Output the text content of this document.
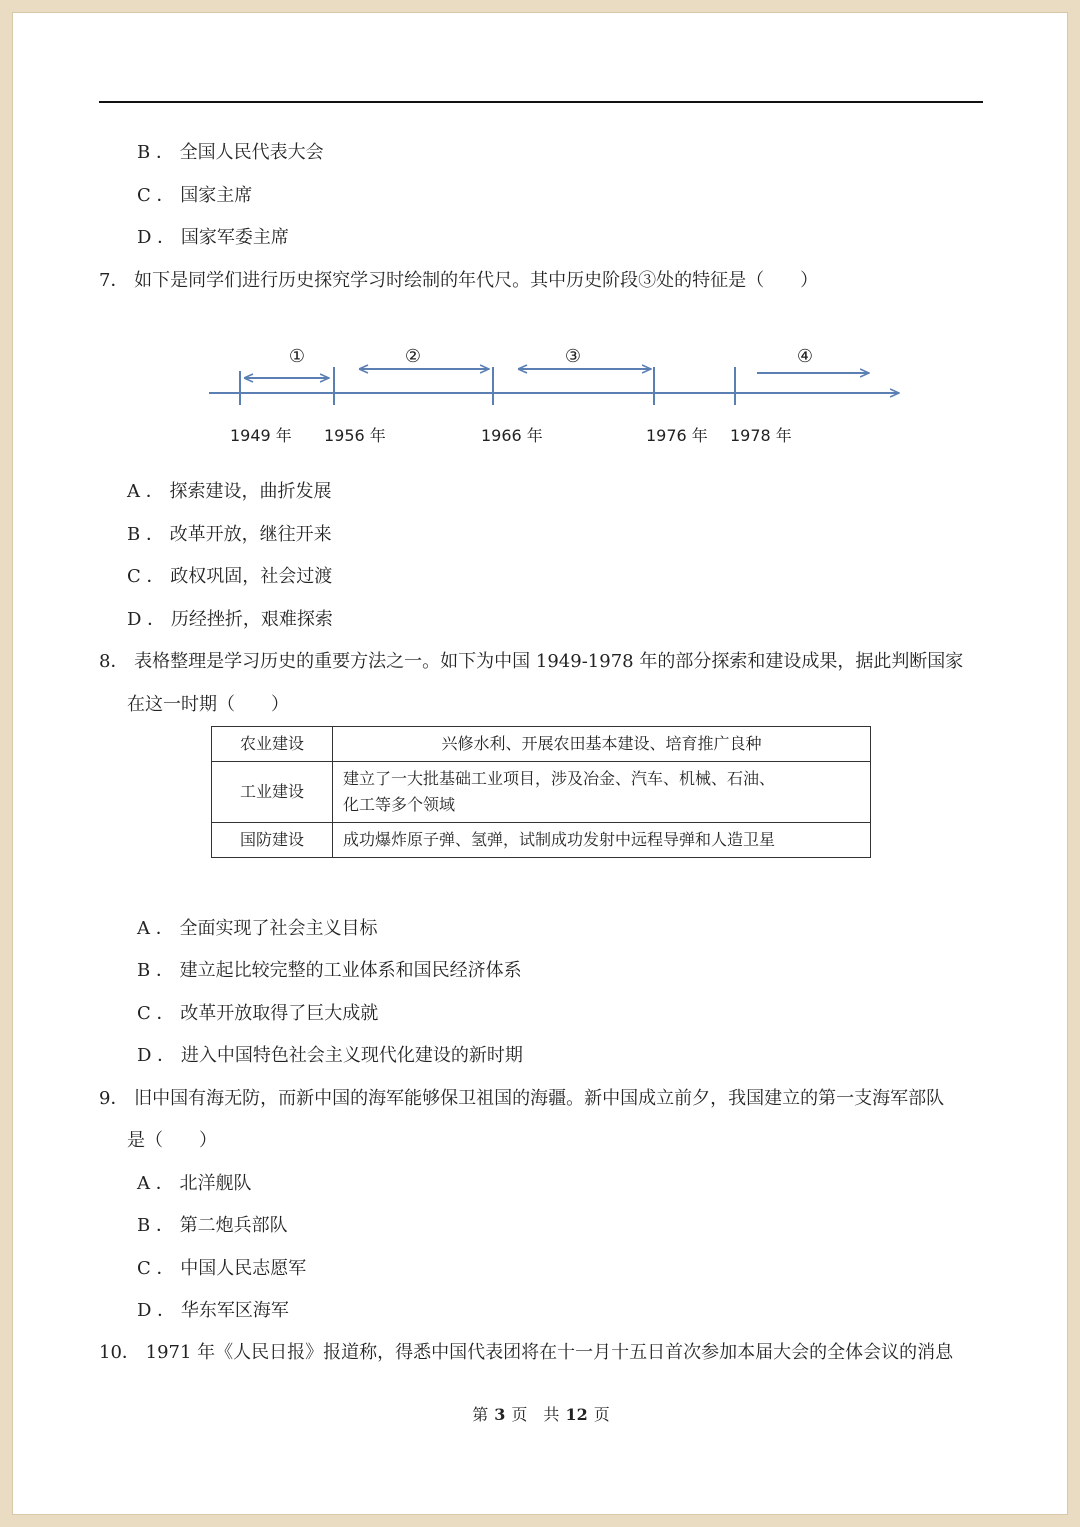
B ． 全国人民代表大会
C ． 国家主席
D ． 国家军委主席
7． 如下是同学们进行历史探究学习时绘制的年代尺。其中历史阶段③处的特征是（　　）
①	②	③	④
1949 年 1956 年	1966 年	1976 年 1978 年
A ． 探索建设，曲折发展
B ． 改革开放，继往开来
C ． 政权巩固，社会过渡
D ． 历经挫折，艰难探索
8． 表格整理是学习历史的重要方法之一。如下为中国 1949-1978 年的部分探索和建设成果，据此判断国家
在这一时期（　　）
农业建设	兴修水利、开展农田基本建设、培育推广良种
工业建设	建立了一大批基础工业项目，涉及冶金、汽车、机械、石油、
化工等多个领域

国防建设	成功爆炸原子弹、氢弹，试制成功发射中远程导弹和人造卫星
A ． 全面实现了社会主义目标
B ． 建立起比较完整的工业体系和国民经济体系
C ． 改革开放取得了巨大成就
D ． 进入中国特色社会主义现代化建设的新时期
9． 旧中国有海无防，而新中国的海军能够保卫祖国的海疆。新中国成立前夕，我国建立的第一支海军部队
是（　　）
A ． 北洋舰队
B ． 第二炮兵部队
C ． 中国人民志愿军
D ． 华东军区海军
10． 1971 年《人民日报》报道称，得悉中国代表团将在十一月十五日首次参加本届大会的全体会议的消息
第 3 页　共 12 页
